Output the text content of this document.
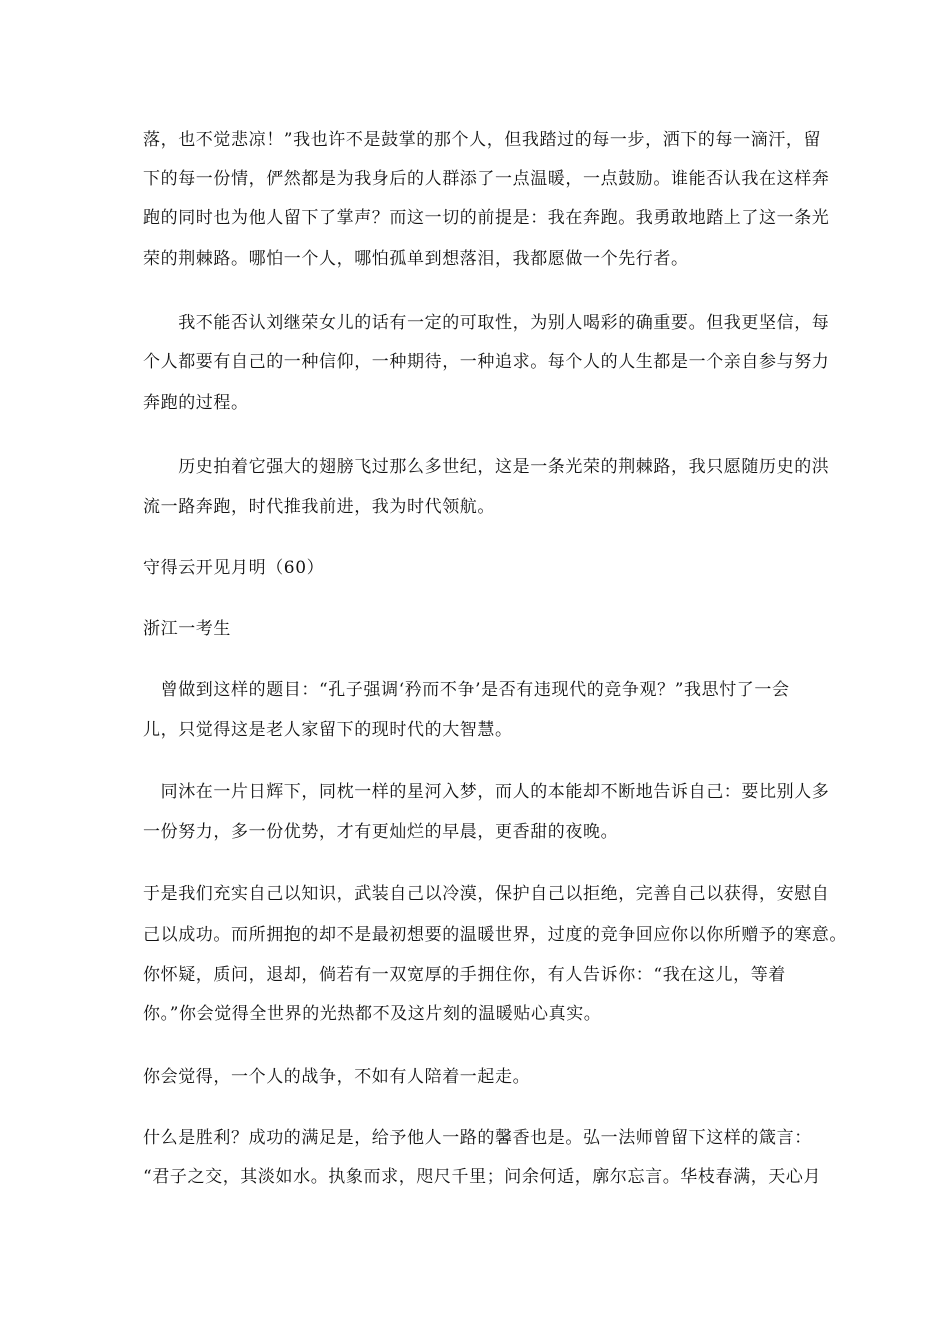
落，也不觉悲凉！”我也许不是鼓掌的那个人，但我踏过的每一步，洒下的每一滴汗，留
下的每一份情，俨然都是为我身后的人群添了一点温暖，一点鼓励。谁能否认我在这样奔
跑的同时也为他人留下了掌声？而这一切的前提是：我在奔跑。我勇敢地踏上了这一条光
荣的荆棘路。哪怕一个人，哪怕孤单到想落泪，我都愿做一个先行者。
　　我不能否认刘继荣女儿的话有一定的可取性，为别人喝彩的确重要。但我更坚信，每
个人都要有自己的一种信仰，一种期待，一种追求。每个人的人生都是一个亲自参与努力
奔跑的过程。
　　历史拍着它强大的翅膀飞过那么多世纪，这是一条光荣的荆棘路，我只愿随历史的洪
流一路奔跑，时代推我前进，我为时代领航。
守得云开见月明（60）
浙江一考生
　曾做到这样的题目：“孔子强调‘矜而不争’是否有违现代的竞争观？”我思忖了一会
儿，只觉得这是老人家留下的现时代的大智慧。
　同沐在一片日辉下，同枕一样的星河入梦，而人的本能却不断地告诉自己：要比别人多
一份努力，多一份优势，才有更灿烂的早晨，更香甜的夜晚。
于是我们充实自己以知识，武装自己以冷漠，保护自己以拒绝，完善自己以获得，安慰自
己以成功。而所拥抱的却不是最初想要的温暖世界，过度的竞争回应你以你所赠予的寒意。
你怀疑，质问，退却，倘若有一双宽厚的手拥住你，有人告诉你：“我在这儿，等着
你。”你会觉得全世界的光热都不及这片刻的温暖贴心真实。
你会觉得，一个人的战争，不如有人陪着一起走。
什么是胜利？成功的满足是，给予他人一路的馨香也是。弘一法师曾留下这样的箴言：
“君子之交，其淡如水。执象而求，咫尺千里；问余何适，廓尔忘言。华枝春满，天心月
